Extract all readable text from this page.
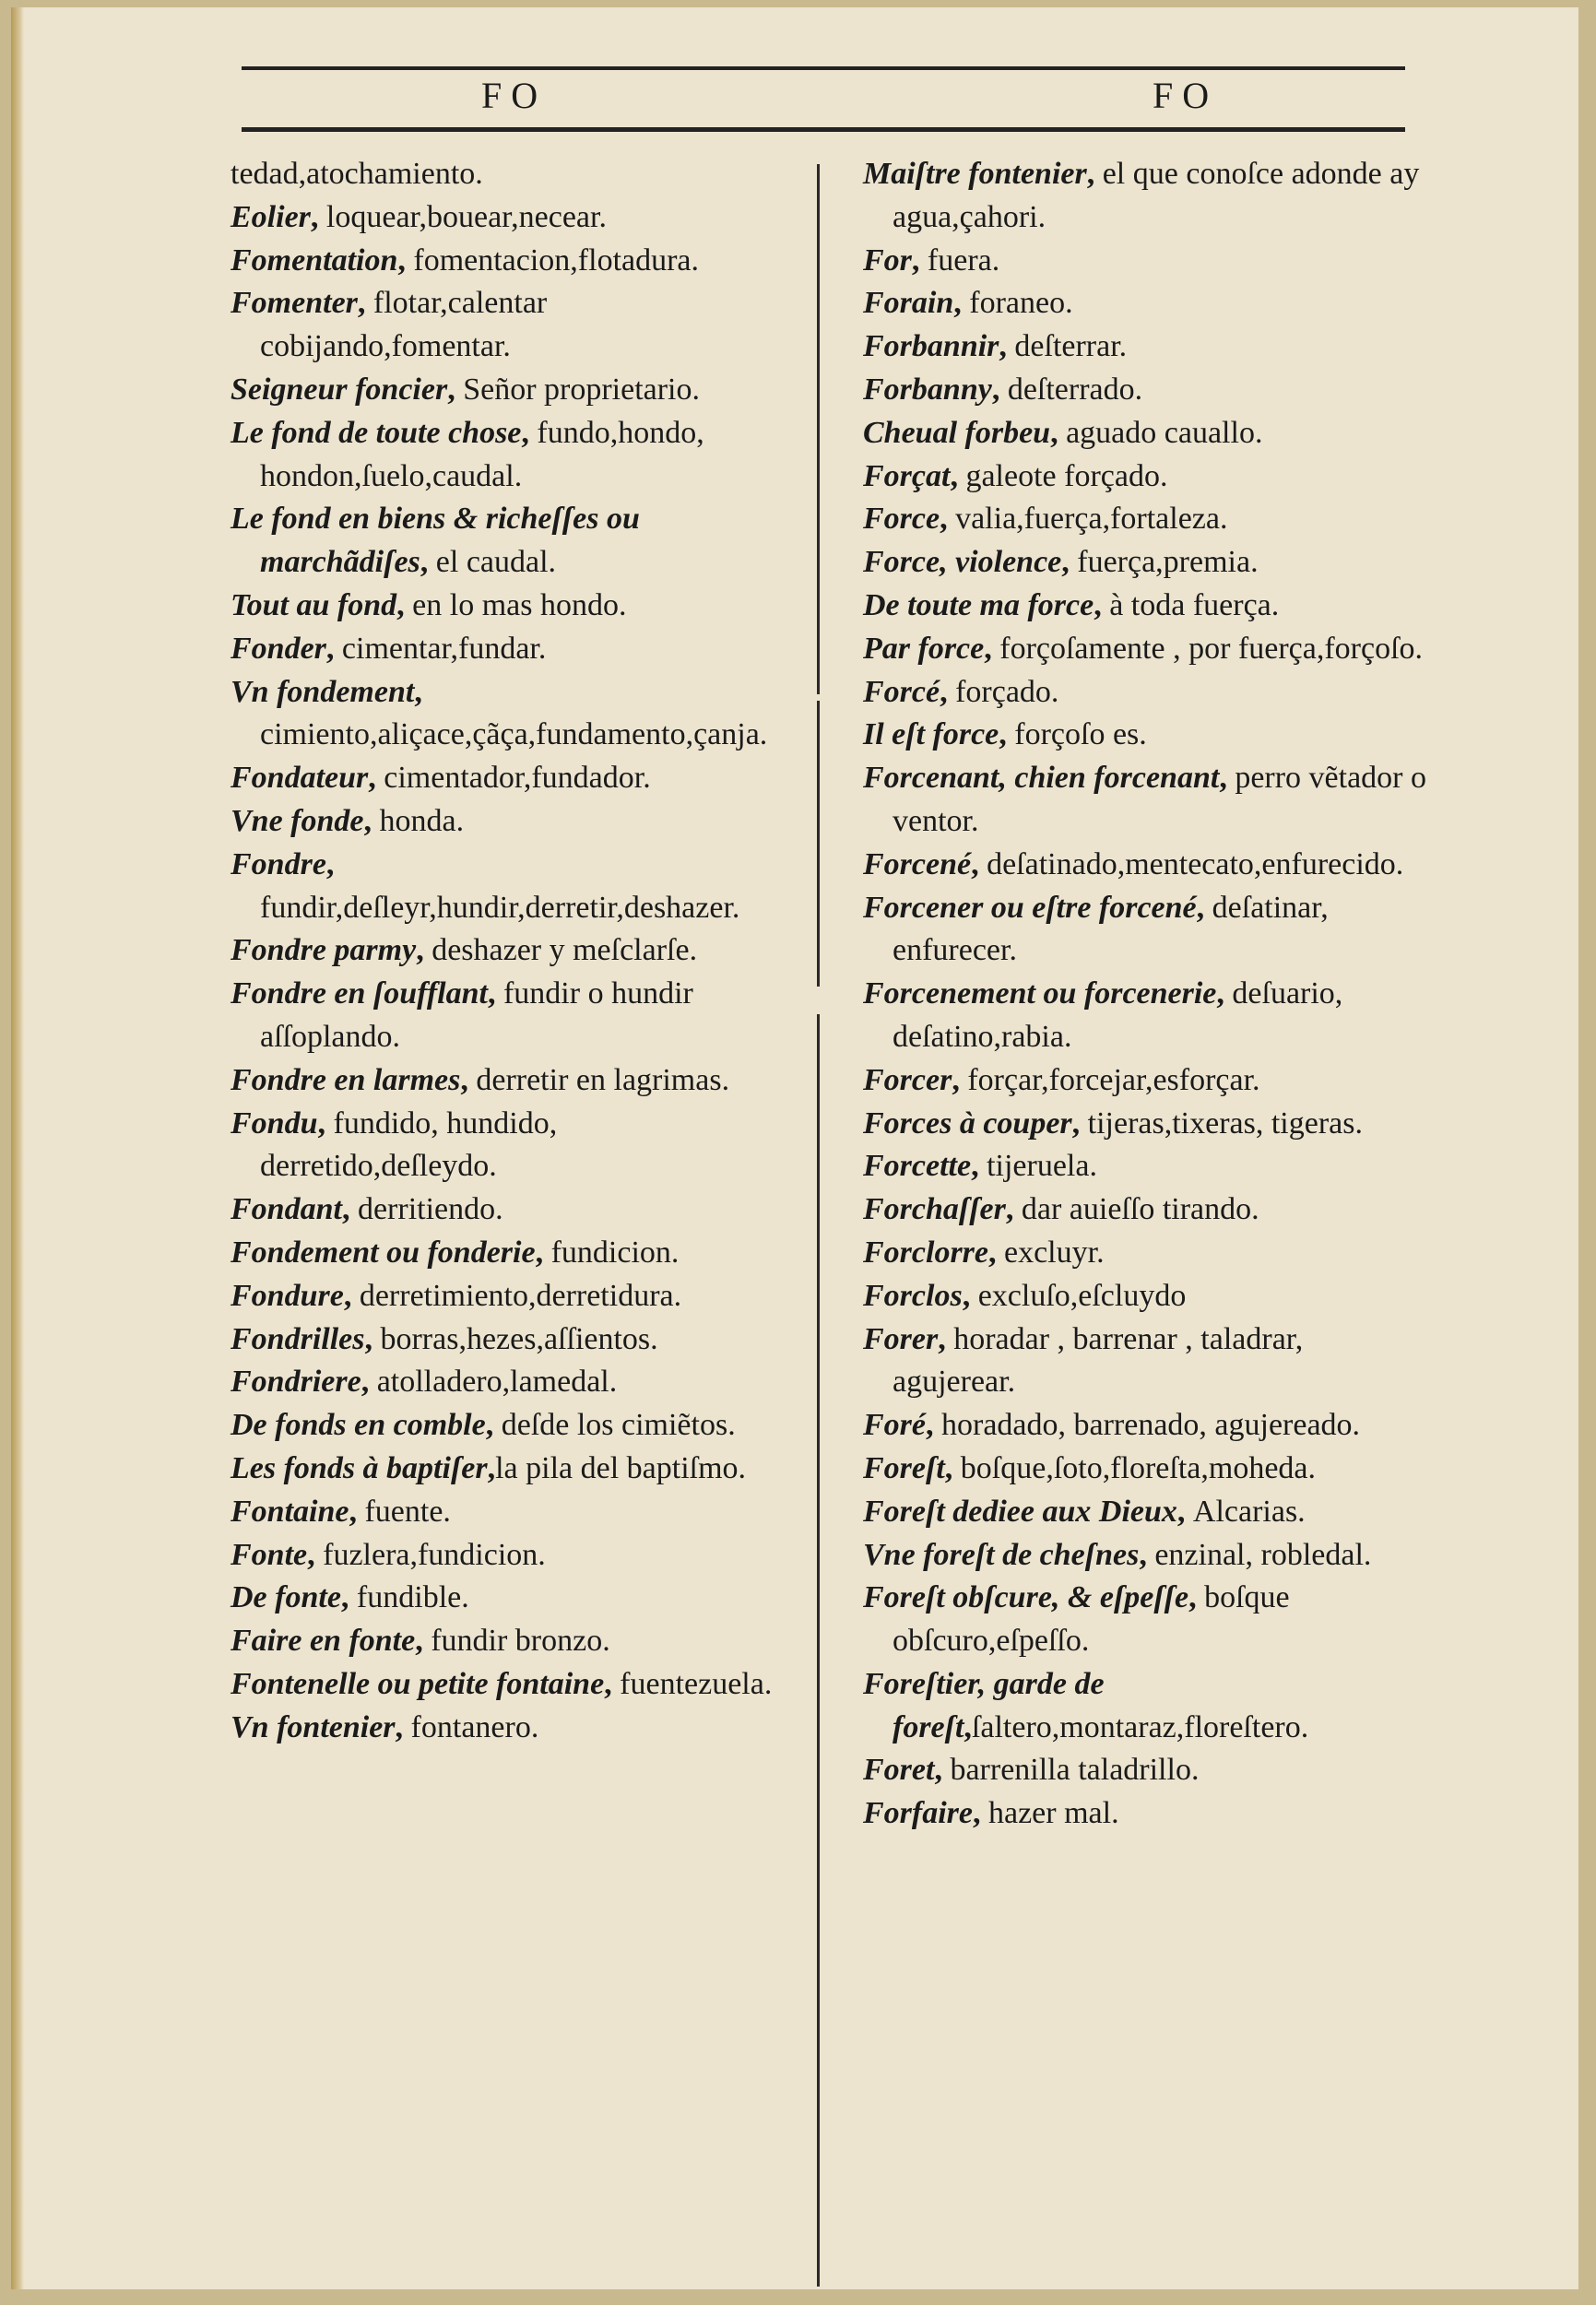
FO	FO
tedad,atochamiento.
Eolier, loquear,bouear,necear.
Fomentation, fomentacion,flotadura.
Fomenter, flotar,calentar cobijando,fomentar.
Seigneur foncier, Señor proprietario.
Le fond de toute chose, fundo,hondo, hondon,ſuelo,caudal.
Le fond en biens & richeſſes ou marchãdiſes, el caudal.
Tout au fond, en lo mas hondo.
Fonder, cimentar,fundar.
Vn fondement, cimiento,aliçace,çãça,fundamento,çanja.
Fondateur, cimentador,fundador.
Vne fonde, honda.
Fondre, fundir,deſleyr,hundir,derretir,deshazer.
Fondre parmy, deshazer y meſclarſe.
Fondre en ſoufflant, fundir o hundir aſſoplando.
Fondre en larmes, derretir en lagrimas.
Fondu, fundido, hundido, derretido,deſleydo.
Fondant, derritiendo.
Fondement ou fonderie, fundicion.
Fondure, derretimiento,derretidura.
Fondrilles, borras,hezes,aſſientos.
Fondriere, atolladero,lamedal.
De fonds en comble, deſde los cimiẽtos.
Les fonds à baptiſer,la pila del baptiſmo.
Fontaine, fuente.
Fonte, fuzlera,fundicion.
De fonte, fundible.
Faire en fonte, fundir bronzo.
Fontenelle ou petite fontaine, fuentezuela.
Vn fontenier, fontanero.
Maiſtre fontenier, el que conoſce adonde ay agua,çahori.
For, fuera.
Forain, foraneo.
Forbannir, deſterrar.
Forbanny, deſterrado.
Cheual forbeu, aguado cauallo.
Forçat, galeote forçado.
Force, valia,fuerça,fortaleza.
Force, violence, fuerça,premia.
De toute ma force, à toda fuerça.
Par force, forçoſamente , por fuerça,forçoſo.
Forcé, forçado.
Il eſt force, forçoſo es.
Forcenant, chien forcenant, perro vẽtador o ventor.
Forcené, deſatinado,mentecato,enfurecido.
Forcener ou eſtre forcené, deſatinar, enfurecer.
Forcenement ou forcenerie, deſuario, deſatino,rabia.
Forcer, forçar,forcejar,esforçar.
Forces à couper, tijeras,tixeras, tigeras.
Forcette, tijeruela.
Forchaſſer, dar auieſſo tirando.
Forclorre, excluyr.
Forclos, excluſo,eſcluydo
Forer, horadar , barrenar , taladrar, agujerear.
Foré, horadado, barrenado, agujereado.
Foreſt, boſque,ſoto,floreſta,moheda.
Foreſt dediee aux Dieux, Alcarias.
Vne foreſt de cheſnes, enzinal, robledal.
Foreſt obſcure, & eſpeſſe, boſque obſcuro,eſpeſſo.
Foreſtier, garde de foreſt,ſaltero,montaraz,floreſtero.
Foret, barrenilla taladrillo.
Forfaire, hazer mal.
